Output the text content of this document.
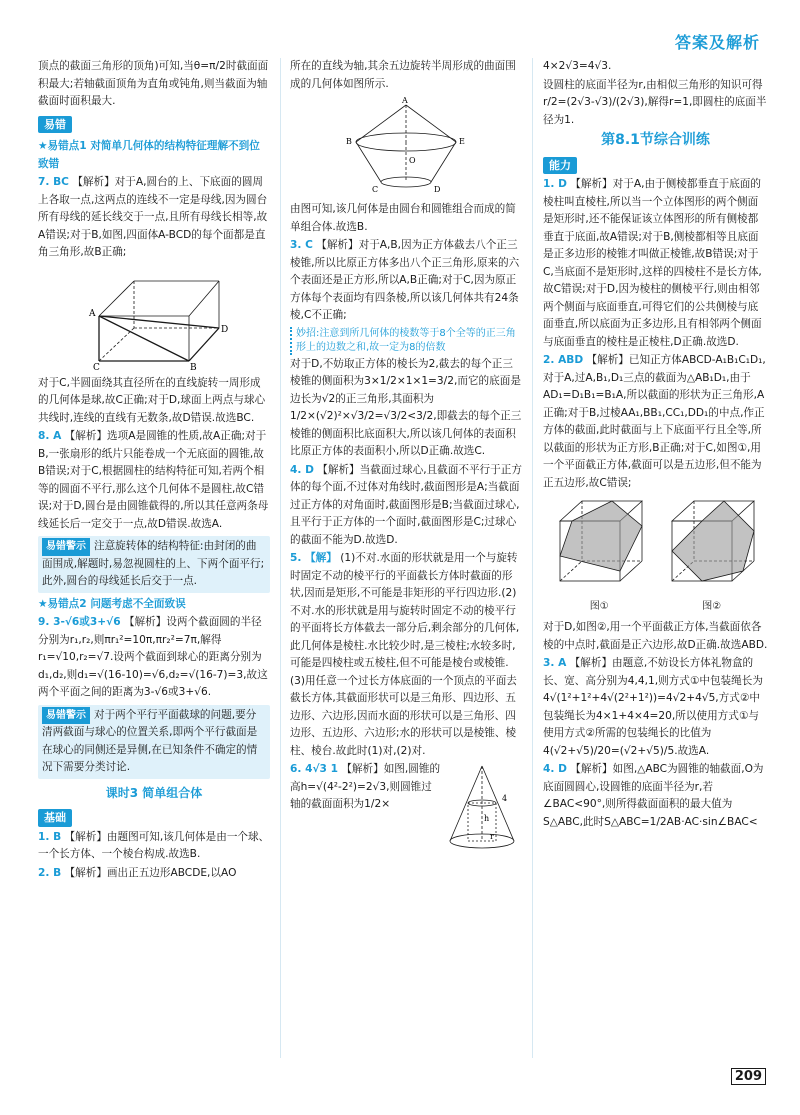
答案及解析

顶点的截面三角形的顶角)可知,当θ=π/2时截面面积最大;若轴截面顶角为直角或钝角,则当截面为轴截面时面积最大.

易错

★易错点1 对简单几何体的结构特征理解不到位致错

7. BC 【解析】对于A,圆台的上、下底面的圆周上各取一点,这两点的连线不一定是母线,因为圆台所有母线的延长线交于一点,且所有母线长相等,故A错误;对于B,如图,四面体A-BCD的每个面都是直角三角形,故B正确;

A
B
C
D

对于C,半圆面绕其直径所在的直线旋转一周形成的几何体是球,故C正确;对于D,球面上两点与球心共线时,连线的直线有无数条,故D错误.故选BC.

8. A 【解析】选项A是圆锥的性质,故A正确;对于B,一张扇形的纸片只能卷成一个无底面的圆锥,故B错误;对于C,根据圆柱的结构特征可知,若两个相等的圆面不平行,那么这个几何体不是圆柱,故C错误;对于D,圆台是由圆锥截得的,所以其任意两条母线延长后一定交于一点,故D错误.故选A.

易错警示 注意旋转体的结构特征:由封闭的曲面围成,解题时,易忽视圆柱的上、下两个面平行;此外,圆台的母线延长后交于一点.

★易错点2 问题考虑不全面致误

9. 3-√6或3+√6 【解析】设两个截面圆的半径分别为r₁,r₂,则πr₁²=10π,πr₂²=7π,解得r₁=√10,r₂=√7.设两个截面到球心的距离分别为d₁,d₂,则d₁=√(16-10)=√6,d₂=√(16-7)=3,故这两个平面之间的距离为3-√6或3+√6.

易错警示 对于两个平行平面截球的问题,要分清两截面与球心的位置关系,即两个平行截面是在球心的同侧还是异侧,在已知条件不确定的情况下需要分类讨论.
课时3 简单组合体
基础

1. B 【解析】由题图可知,该几何体是由一个球、一个长方体、一个棱台构成.故选B.

2. B 【解析】画出正五边形ABCDE,以AO

所在的直线为轴,其余五边旋转半周形成的曲面围成的几何体如图所示.

A
B
C	D
E
O

由图可知,该几何体是由圆台和圆锥组合而成的简单组合体.故选B.

3. C 【解析】对于A,B,因为正方体截去八个正三棱锥,所以比原正方体多出八个正三角形,原来的六个表面还是正方形,所以A,B正确;对于C,因为原正方体每个表面均有四条棱,所以该几何体共有24条棱,C不正确;

妙招:注意到所几何体的棱数等于8个全等的正三角形上的边数之和,故一定为8的倍数

对于D,不妨取正方体的棱长为2,截去的每个正三棱锥的侧面积为3×1/2×1×1=3/2,而它的底面是边长为√2的正三角形,其面积为1/2×(√2)²×√3/2=√3/2<3/2,即截去的每个正三棱锥的侧面积比底面积大,所以该几何体的表面积比原正方体的表面积小,所以D正确.故选C.

4. D 【解析】当截面过球心,且截面不平行于正方体的每个面,不过体对角线时,截面图形是A;当截面过正方体的对角面时,截面图形是B;当截面过球心,且平行于正方体的一个面时,截面图形是C;过球心的截面不能为D.故选D.

5. 【解】 (1)不对.水面的形状就是用一个与旋转时固定不动的棱平行的平面截长方体时截面的形状,因而是矩形,不可能是非矩形的平行四边形.(2)不对.水的形状就是用与旋转时固定不动的棱平行的平面将长方体截去一部分后,剩余部分的几何体,此几何体是棱柱.水比较少时,是三棱柱;水较多时,可能是四棱柱或五棱柱,但不可能是棱台或棱锥.(3)用任意一个过长方体底面的一个顶点的平面去截长方体,其截面形状可以是三角形、四边形、五边形、六边形,因而水面的形状可以是三角形、四边形、五边形、六边形;水的形状可以是棱锥、棱柱、棱台.故此时(1)对,(2)对.

6. 4√3 1 【解析】如图,圆锥的高h=√(4²-2²)=2√3,则圆锥过轴的截面面积为1/2×

h
r
4

4×2√3=4√3.

设圆柱的底面半径为r,由相似三角形的知识可得r/2=(2√3-√3)/(2√3),解得r=1,即圆柱的底面半径为1.

第8.1节综合训练
能力

1. D 【解析】对于A,由于侧棱都垂直于底面的棱柱叫直棱柱,所以当一个立体图形的两个侧面是矩形时,还不能保证该立体图形的所有侧棱都垂直于底面,故A错误;对于B,侧棱都相等且底面是正多边形的棱锥才叫做正棱锥,故B错误;对于C,当底面不是矩形时,这样的四棱柱不是长方体,故C错误;对于D,因为棱柱的侧棱平行,则由相邻两个侧面与底面垂直,可得它们的公共侧棱与底面垂直,所以底面为正多边形,且有相邻两个侧面与底面垂直的棱柱是正棱柱,D正确.故选D.

2. ABD 【解析】已知正方体ABCD-A₁B₁C₁D₁,对于A,过A,B₁,D₁三点的截面为△AB₁D₁,由于AD₁=D₁B₁=B₁A,所以截面的形状为正三角形,A正确;对于B,过棱AA₁,BB₁,CC₁,DD₁的中点,作正方体的截面,此时截面与上下底面平行且全等,所以截面的形状为正方形,B正确;对于C,如图①,用一个平面截正方体,截面可以是五边形,但不能为正五边形,故C错误;

图①	图②

对于D,如图②,用一个平面截正方体,当截面依各棱的中点时,截面是正六边形,故D正确.故选ABD.

3. A 【解析】由题意,不妨设长方体礼物盒的长、宽、高分别为4,4,1,则方式①中包装绳长为4√(1²+1²+4√(2²+1²))=4√2+4√5,方式②中包装绳长为4×1+4×4=20,所以使用方式①与使用方式②所需的包装绳长的比值为4(√2+√5)/20=(√2+√5)/5.故选A.

4. D 【解析】如图,△ABC为圆锥的轴截面,O为底面圆圆心,设圆锥的底面半径为r,若∠BAC<90°,则所得截面面积的最大值为S△ABC,此时S△ABC=1/2AB·AC·sin∠BAC<

209
